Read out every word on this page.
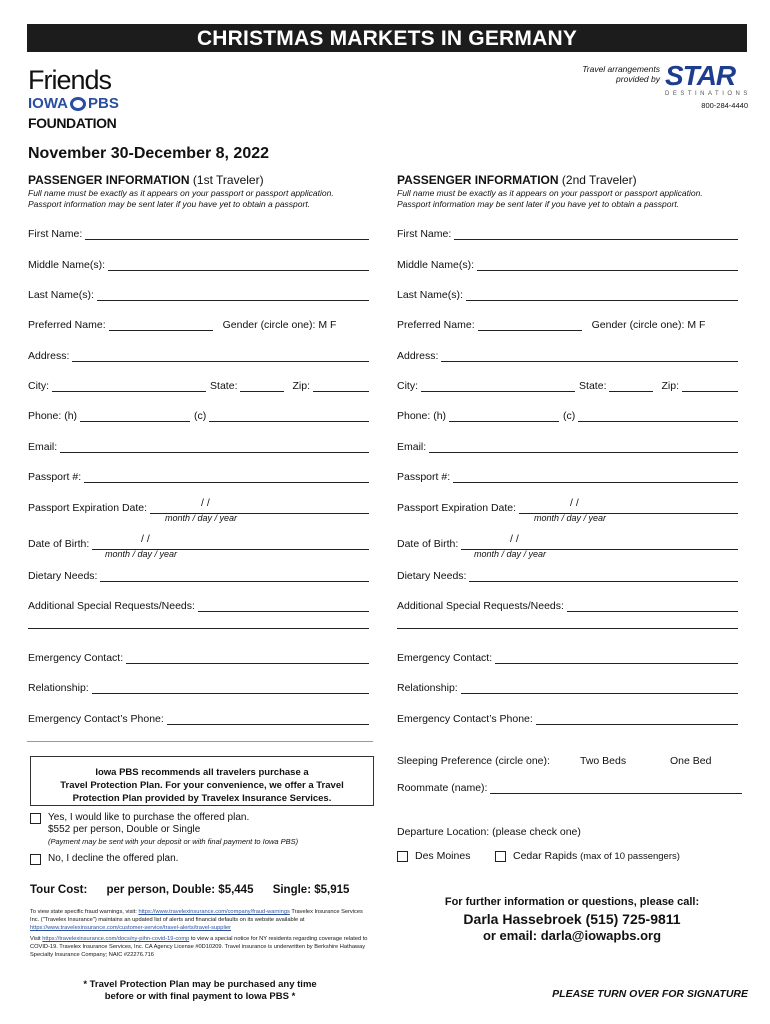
CHRISTMAS MARKETS IN GERMANY
Friends
IOWA PBS
FOUNDATION
Travel arrangements
provided by STAR
DESTINATIONS
800-284-4440
November 30-December 8, 2022
PASSENGER INFORMATION (1st Traveler)
Full name must be exactly as it appears on your passport or passport application.
Passport information may be sent later if you have yet to obtain a passport.
PASSENGER INFORMATION (2nd Traveler)
Full name must be exactly as it appears on your passport or passport application.
Passport information may be sent later if you have yet to obtain a passport.
First Name:
Middle Name(s):
Last Name(s):
Preferred Name:	Gender (circle one): M F
Address:
City:	State:	Zip:
Phone: (h)	(c)
Email:
Passport #:
/ /
month / day / year
Passport Expiration Date:
/ /
month / day / year
Date of Birth:
Dietary Needs:
Additional Special Requests/Needs:
Emergency Contact:
Relationship:
Emergency Contact’s Phone:
First Name:
Middle Name(s):
Last Name(s):
Preferred Name:	Gender (circle one): M F
Address:
City:	State:	Zip:
Phone: (h)	(c)
Email:
Passport #:
/ /
month / day / year
Passport Expiration Date:
/ /
month / day / year
Date of Birth:
Dietary Needs:
Additional Special Requests/Needs:
Emergency Contact:
Relationship:
Emergency Contact’s Phone:
Iowa PBS recommends all travelers purchase a
Travel Protection Plan. For your convenience, we offer a Travel
Protection Plan provided by Travelex Insurance Services.
Yes, I would like to purchase the offered plan.
$552 per person, Double or Single
(Payment may be sent with your deposit or with final payment to Iowa PBS)
No, I decline the offered plan.
Tour Cost: per person, Double: $5,445 Single: $5,915

To view state specific fraud warnings, visit: https://www.travelexinsurance.com/company/fraud-warnings Travelex Insurance Services Inc. ("Travelex Insurance") maintains an updated list of alerts and financial defaults on its website available at https://www.travelexinsurance.com/customer-service/travel-alerts/travel-supplier

Visit https://travelexinsurance.com/docs/ny-pihn-covid-19-comp to view a special notice for NY residents regarding coverage related to COVID-19. Travelex Insurance Services, Inc. CA Agency License #0D10209. Travel insurance is underwritten by Berkshire Hathaway Specialty Insurance Company; NAIC #22276.716

* Travel Protection Plan may be purchased any time
before or with final payment to Iowa PBS *
Sleeping Preference (circle one):	Two Beds	One Bed
Roommate (name):
Departure Location: (please check one)
Des Moines	Cedar Rapids
(max of 10 passengers)
For further information or questions, please call:
Darla Hassebroek (515) 725-9811
or email: darla@iowapbs.org
PLEASE TURN OVER FOR SIGNATURE
